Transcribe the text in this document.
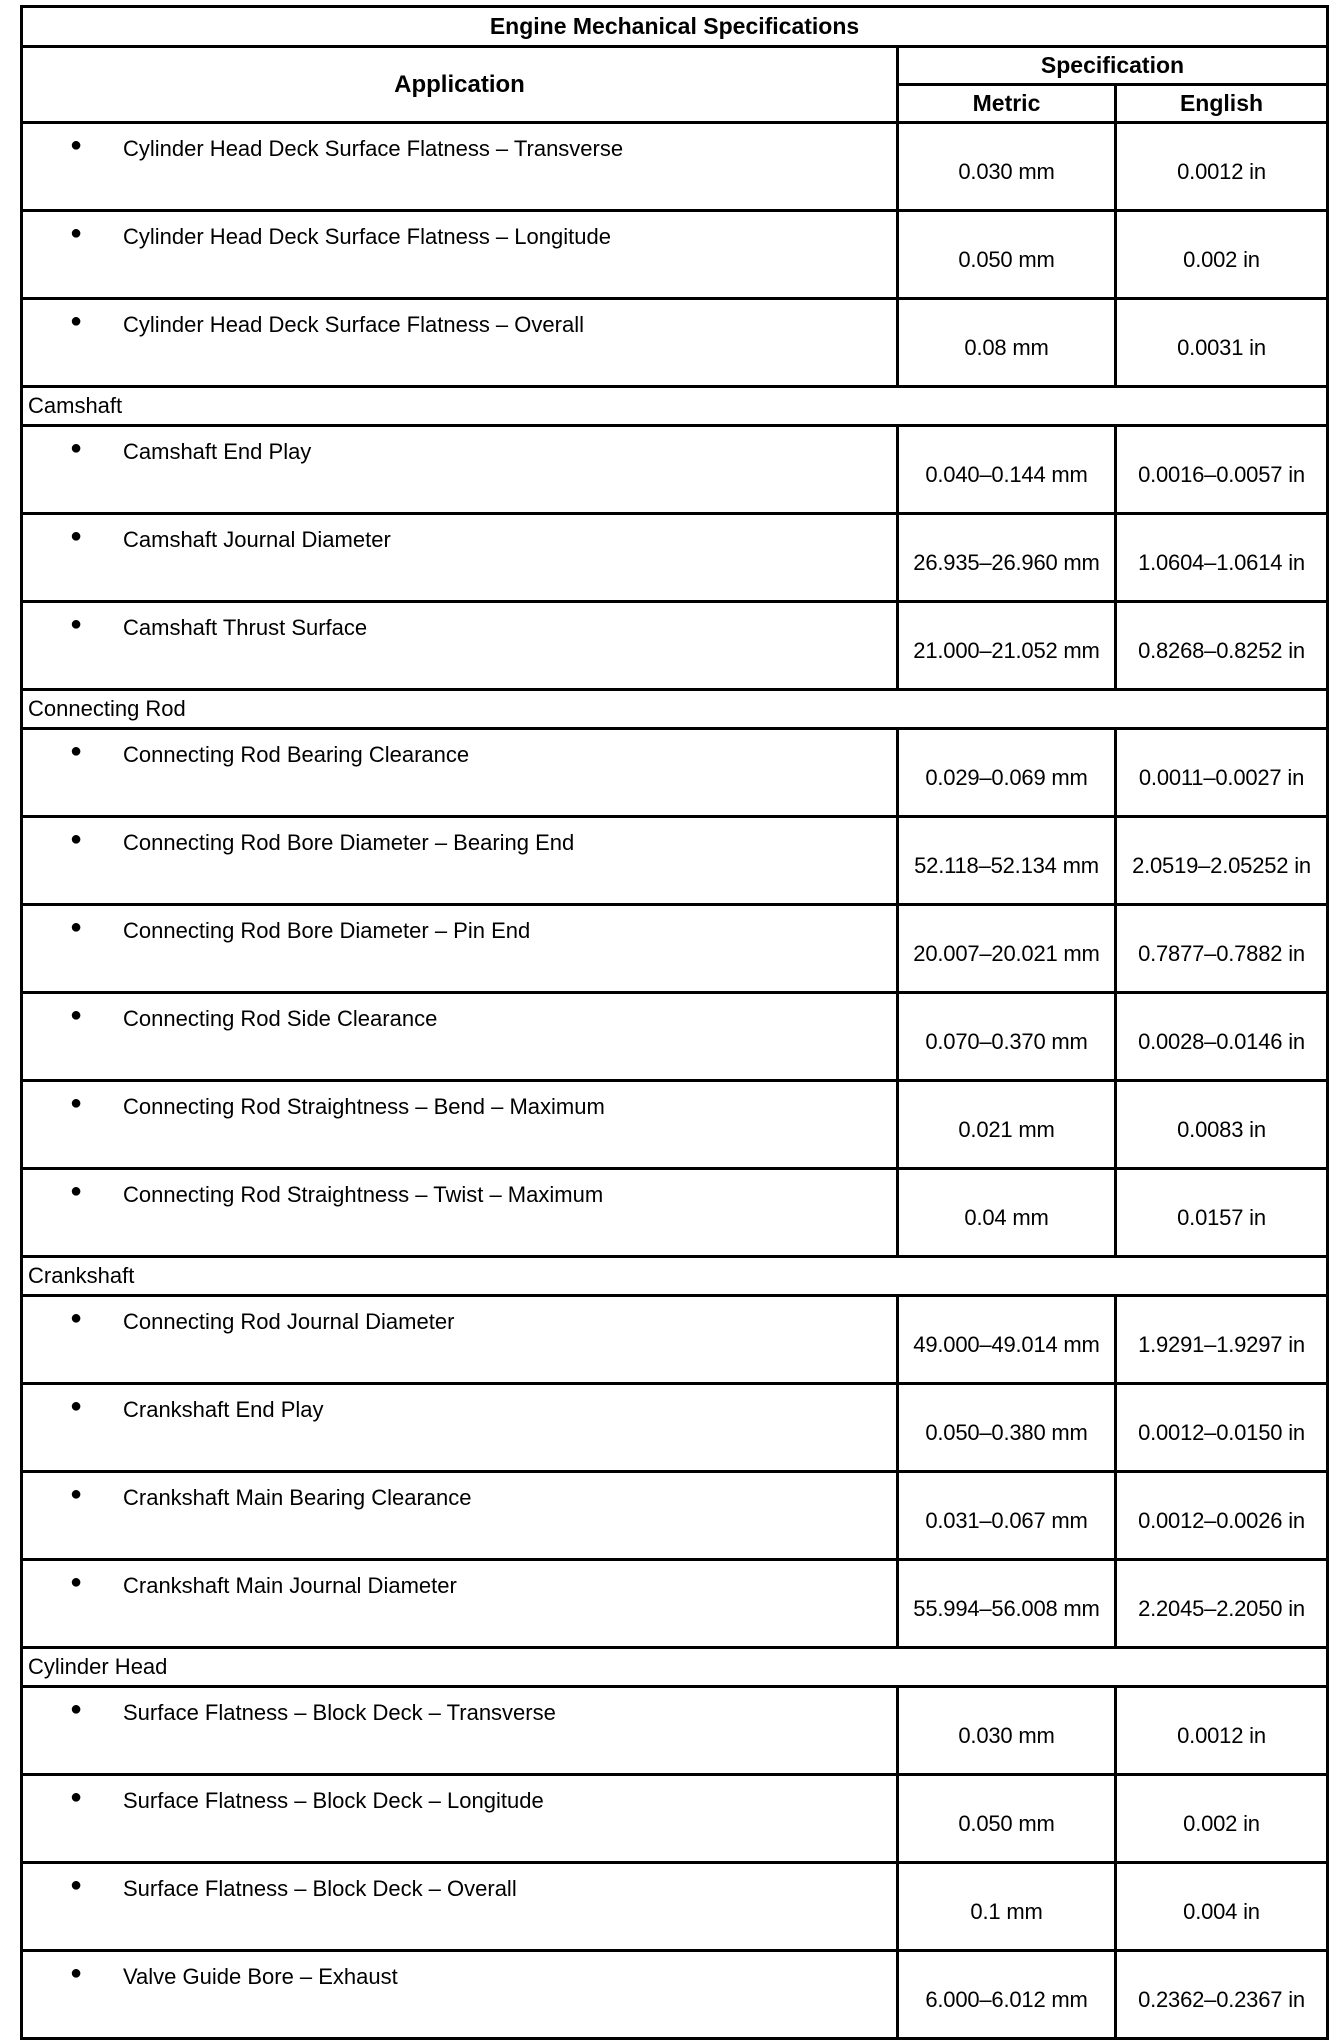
Engine Mechanical Specifications		
Application	Specification	
	Metric	English

● Cylinder Head Deck Surface Flatness – Transverse	0.030 mm	0.0012 in

● Cylinder Head Deck Surface Flatness – Longitude	0.050 mm	0.002 in

● Cylinder Head Deck Surface Flatness – Overall	0.08 mm	0.0031 in
Camshaft		

● Camshaft End Play	0.040–0.144 mm	0.0016–0.0057 in

● Camshaft Journal Diameter	26.935–26.960 mm	1.0604–1.0614 in

● Camshaft Thrust Surface	21.000–21.052 mm	0.8268–0.8252 in
Connecting Rod		

● Connecting Rod Bearing Clearance	0.029–0.069 mm	0.0011–0.0027 in

● Connecting Rod Bore Diameter – Bearing End	52.118–52.134 mm	2.0519–2.05252 in

● Connecting Rod Bore Diameter – Pin End	20.007–20.021 mm	0.7877–0.7882 in

● Connecting Rod Side Clearance	0.070–0.370 mm	0.0028–0.0146 in

● Connecting Rod Straightness – Bend – Maximum	0.021 mm	0.0083 in

● Connecting Rod Straightness – Twist – Maximum	0.04 mm	0.0157 in
Crankshaft		

● Connecting Rod Journal Diameter	49.000–49.014 mm	1.9291–1.9297 in

● Crankshaft End Play	0.050–0.380 mm	0.0012–0.0150 in

● Crankshaft Main Bearing Clearance	0.031–0.067 mm	0.0012–0.0026 in

● Crankshaft Main Journal Diameter	55.994–56.008 mm	2.2045–2.2050 in
Cylinder Head		

● Surface Flatness – Block Deck – Transverse	0.030 mm	0.0012 in

● Surface Flatness – Block Deck – Longitude	0.050 mm	0.002 in

● Surface Flatness – Block Deck – Overall	0.1 mm	0.004 in

● Valve Guide Bore – Exhaust	6.000–6.012 mm	0.2362–0.2367 in
